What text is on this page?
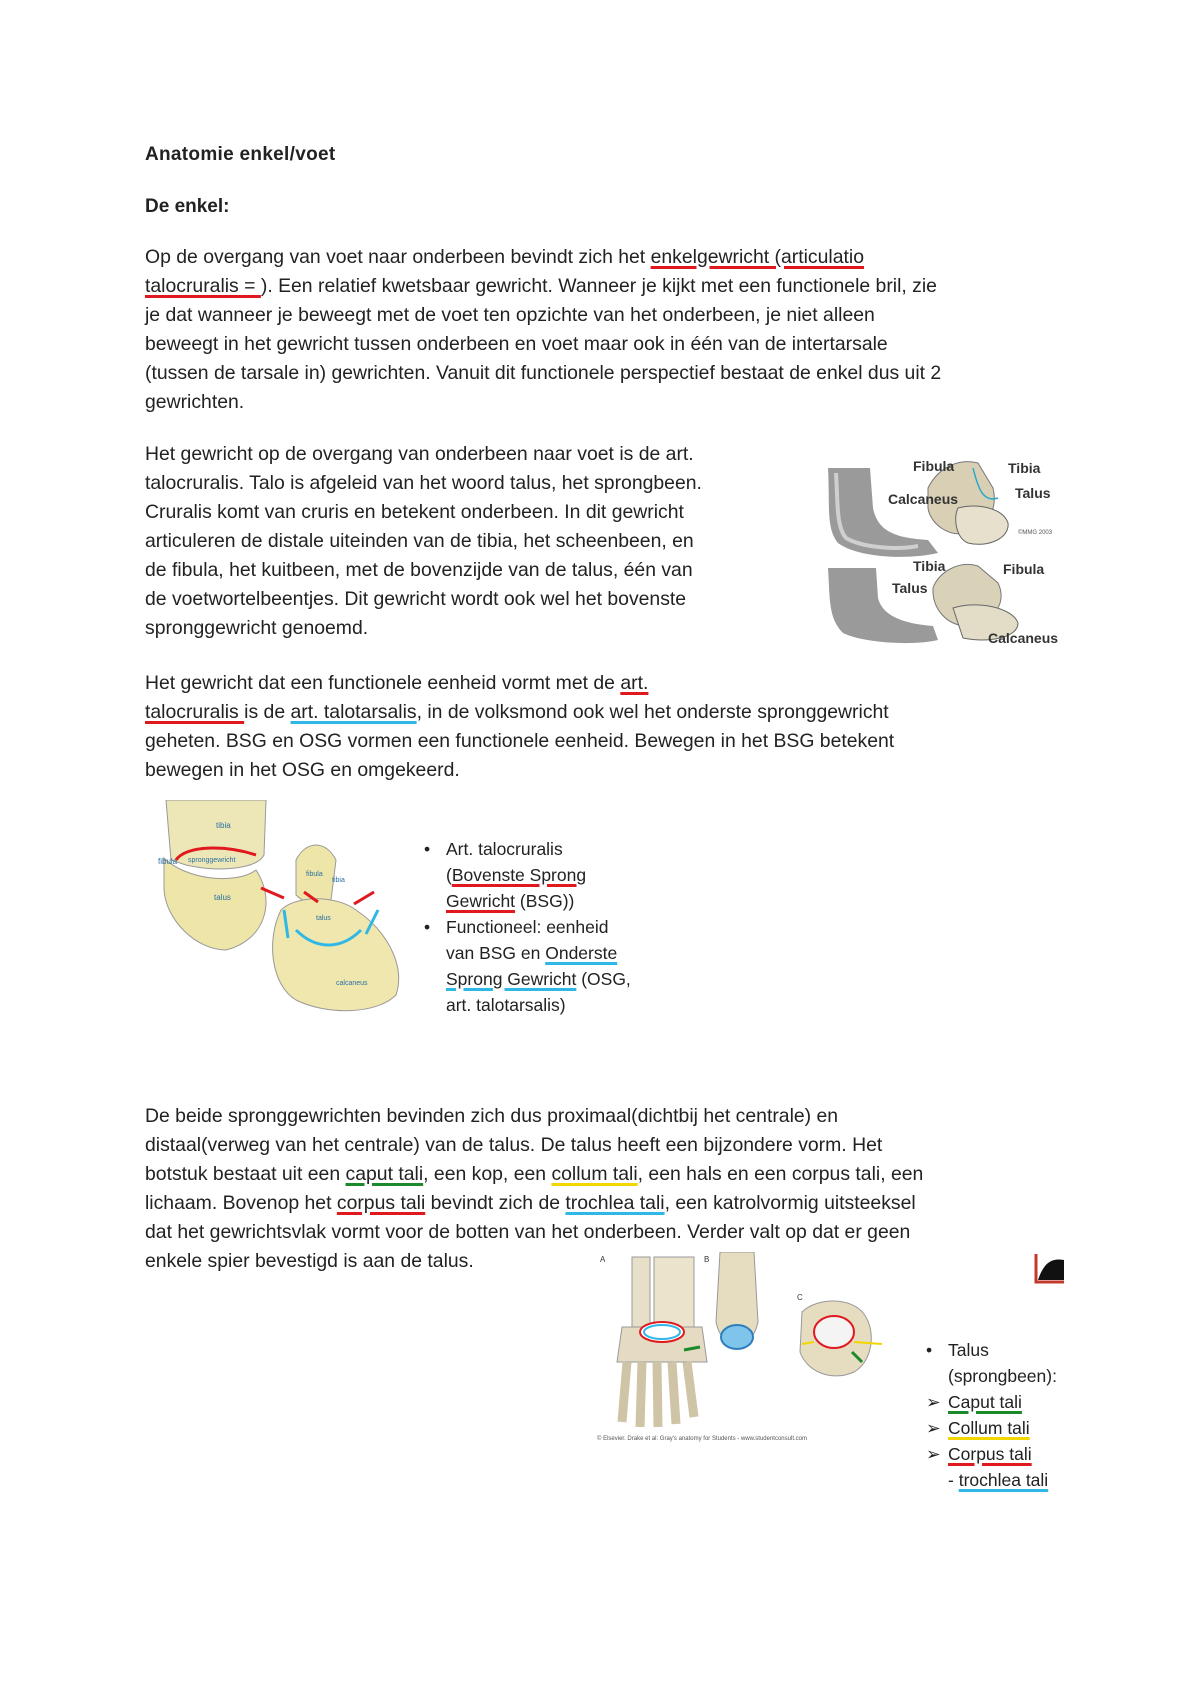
Anatomie enkel/voet
De enkel:
Op de overgang van voet naar onderbeen bevindt zich het enkelgewricht (articulatio
talocruralis = ). Een relatief kwetsbaar gewricht. Wanneer je kijkt met een functionele bril, zie
je dat wanneer je beweegt met de voet ten opzichte van het onderbeen, je niet alleen
beweegt in het gewricht tussen onderbeen en voet maar ook in één van de intertarsale
(tussen de tarsale in) gewrichten. Vanuit dit functionele perspectief bestaat de enkel dus uit 2
gewrichten.
Het gewricht op de overgang van onderbeen naar voet is de art.
talocruralis. Talo is afgeleid van het woord talus, het sprongbeen.
Cruralis komt van cruris en betekent onderbeen. In dit gewricht
articuleren de distale uiteinden van de tibia, het scheenbeen, en
de fibula, het kuitbeen, met de bovenzijde van de talus, één van
de voetwortelbeentjes. Dit gewricht wordt ook wel het bovenste
spronggewricht genoemd.
Fibula	Tibia
Talus
Calcaneus
©MMG 2003
Tibia	Fibula
Talus
Calcaneus
Het gewricht dat een functionele eenheid vormt met de art.
talocruralis is de art. talotarsalis, in de volksmond ook wel het onderste spronggewricht
geheten. BSG en OSG vormen een functionele eenheid. Bewegen in het BSG betekent
bewegen in het OSG en omgekeerd.
tibia
fibula spronggewricht
talus
fibula
tibia
talus
calcaneus
• Art. talocruralis
(Bovenste Sprong
Gewricht (BSG))
• Functioneel: eenheid
van BSG en Onderste
Sprong Gewricht (OSG,
art. talotarsalis)
De beide spronggewrichten bevinden zich dus proximaal(dichtbij het centrale) en
distaal(verweg van het centrale) van de talus. De talus heeft een bijzondere vorm. Het
botstuk bestaat uit een caput tali, een kop, een collum tali, een hals en een corpus tali, een
lichaam. Bovenop het corpus tali bevindt zich de trochlea tali, een katrolvormig uitsteeksel
dat het gewrichtsvlak vormt voor de botten van het onderbeen. Verder valt op dat er geen
enkele spier bevestigd is aan de talus.	A	B
C
© Elsevier. Drake et al: Gray's anatomy for Students - www.studentconsult.com
• Talus
(sprongbeen):
➢ Caput tali
➢ Collum tali
➢ Corpus tali
- trochlea tali
